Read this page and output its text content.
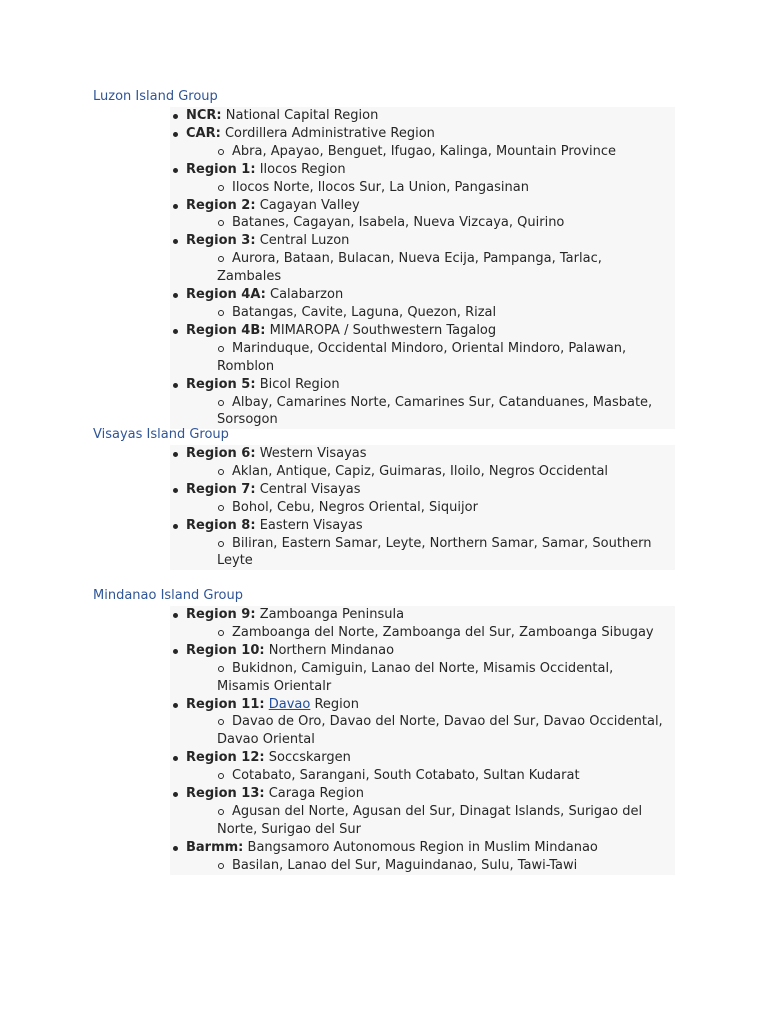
Luzon Island Group
NCR: National Capital Region
CAR: Cordillera Administrative Region
Abra, Apayao, Benguet, Ifugao, Kalinga, Mountain Province
Region 1: Ilocos Region
Ilocos Norte, Ilocos Sur, La Union, Pangasinan
Region 2: Cagayan Valley
Batanes, Cagayan, Isabela, Nueva Vizcaya, Quirino
Region 3: Central Luzon
Aurora, Bataan, Bulacan, Nueva Ecija, Pampanga, Tarlac, Zambales
Region 4A: Calabarzon
Batangas, Cavite, Laguna, Quezon, Rizal
Region 4B: MIMAROPA / Southwestern Tagalog
Marinduque, Occidental Mindoro, Oriental Mindoro, Palawan, Romblon
Region 5: Bicol Region
Albay, Camarines Norte, Camarines Sur, Catanduanes, Masbate, Sorsogon
Visayas Island Group
Region 6: Western Visayas
Aklan, Antique, Capiz, Guimaras, Iloilo, Negros Occidental
Region 7: Central Visayas
Bohol, Cebu, Negros Oriental, Siquijor
Region 8: Eastern Visayas
Biliran, Eastern Samar, Leyte, Northern Samar, Samar, Southern Leyte
Mindanao Island Group
Region 9: Zamboanga Peninsula
Zamboanga del Norte, Zamboanga del Sur, Zamboanga Sibugay
Region 10: Northern Mindanao
Bukidnon, Camiguin, Lanao del Norte, Misamis Occidental, Misamis Orientalr
Region 11: Davao Region
Davao de Oro, Davao del Norte, Davao del Sur, Davao Occidental, Davao Oriental
Region 12: Soccskargen
Cotabato, Sarangani, South Cotabato, Sultan Kudarat
Region 13: Caraga Region
Agusan del Norte, Agusan del Sur, Dinagat Islands, Surigao del Norte, Surigao del Sur
Barmm: Bangsamoro Autonomous Region in Muslim Mindanao
Basilan, Lanao del Sur, Maguindanao, Sulu, Tawi-Tawi
